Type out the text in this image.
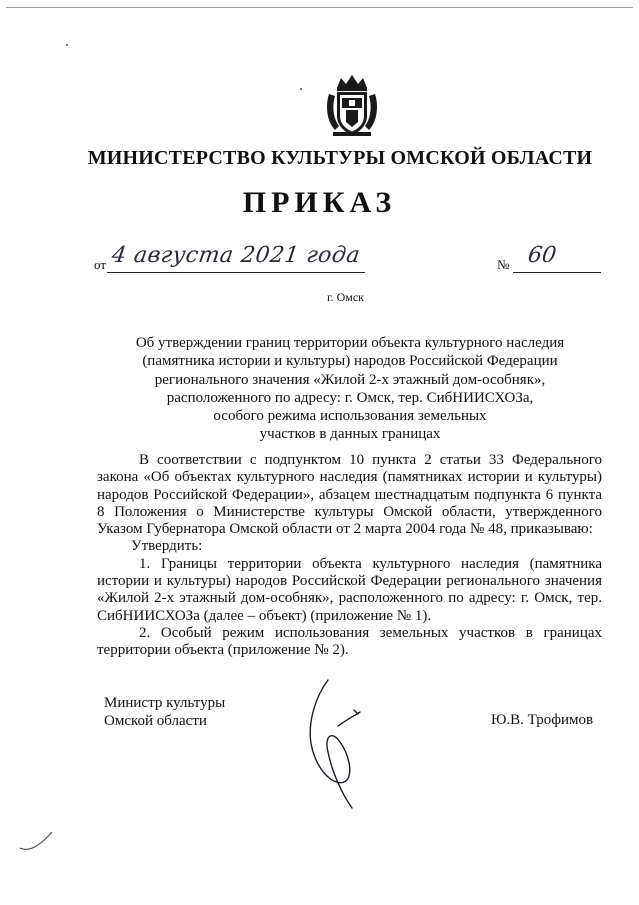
МИНИСТЕРСТВО КУЛЬТУРЫ ОМСКОЙ ОБЛАСТИ
ПРИКАЗ
от 4 августа 2021 года	№ 60
г. Омск
Об утверждении границ территории объекта культурного наследия
(памятника истории и культуры) народов Российской Федерации
регионального значения «Жилой 2-х этажный дом-особняк»,
расположенного по адресу: г. Омск, тер. СибНИИСХОЗа,
особого режима использования земельных
участков в данных границах

В соответствии с подпунктом 10 пункта 2 статьи 33 Федерального закона «Об объектах культурного наследия (памятниках истории и культуры) народов Российской Федерации», абзацем шестнадцатым подпункта 6 пункта 8 Положения о Министерстве культуры Омской области, утвержденного Указом Губернатора Омской области от 2 марта 2004 года № 48, приказываю:

Утвердить:

1. Границы территории объекта культурного наследия (памятника истории и культуры) народов Российской Федерации регионального значения «Жилой 2-х этажный дом-особняк», расположенного по адресу: г. Омск, тер. СибНИИСХОЗа (далее – объект) (приложение № 1).

2. Особый режим использования земельных участков в границах территории объекта (приложение № 2).

Министр культуры
Омской области	Ю.В. Трофимов
